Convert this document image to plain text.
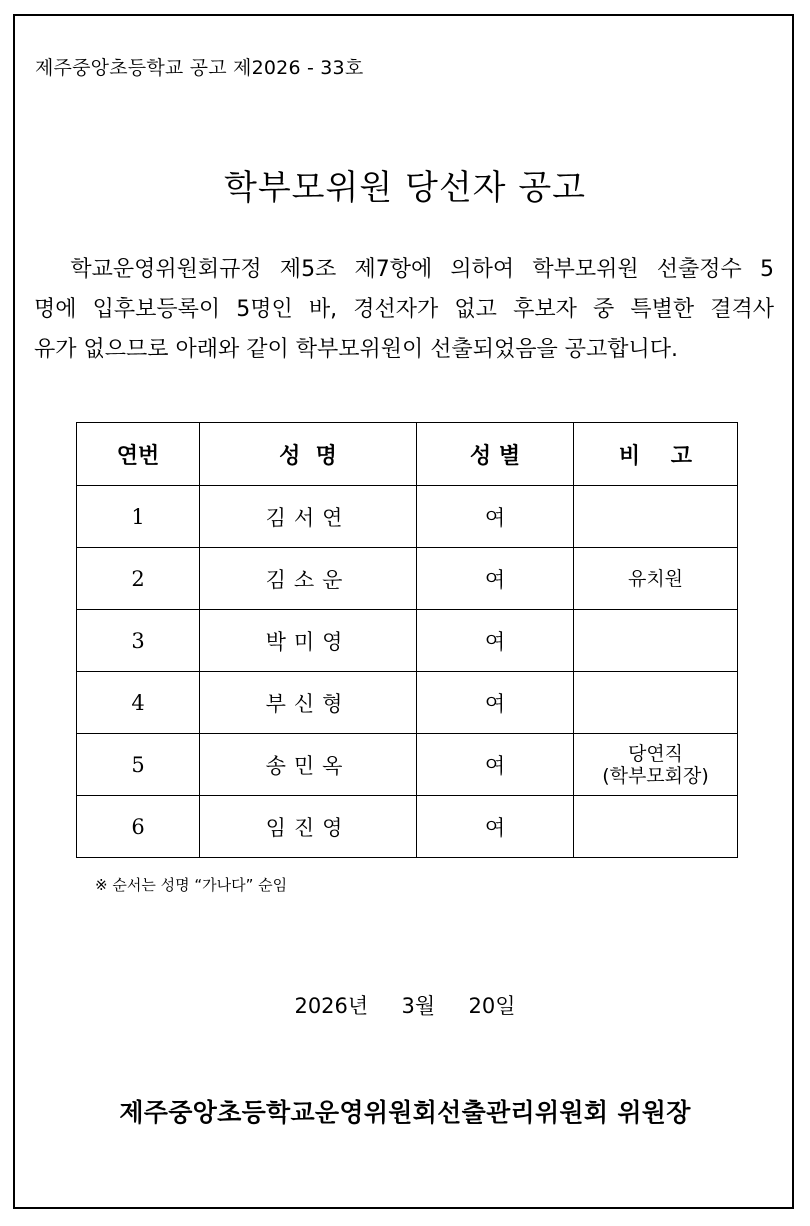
제주중앙초등학교 공고 제2026 - 33호
학부모위원 당선자 공고
학교운영위원회규정 제5조 제7항에 의하여 학부모위원 선출정수 5
명에 입후보등록이 5명인 바, 경선자가 없고 후보자 중 특별한 결격사
유가 없으므로 아래와 같이 학부모위원이 선출되었음을 공고합니다.
연번	성  명	성 별	비    고
1	김서연	여	
2	김소운	여	유치원

3	박미영	여	
4	부신형	여	
5	송민옥	여	당연직
(학부모회장)

6	임진영	여	
※ 순서는 성명 “가나다” 순임
2026년  3월  20일
제주중앙초등학교운영위원회선출관리위원회 위원장
